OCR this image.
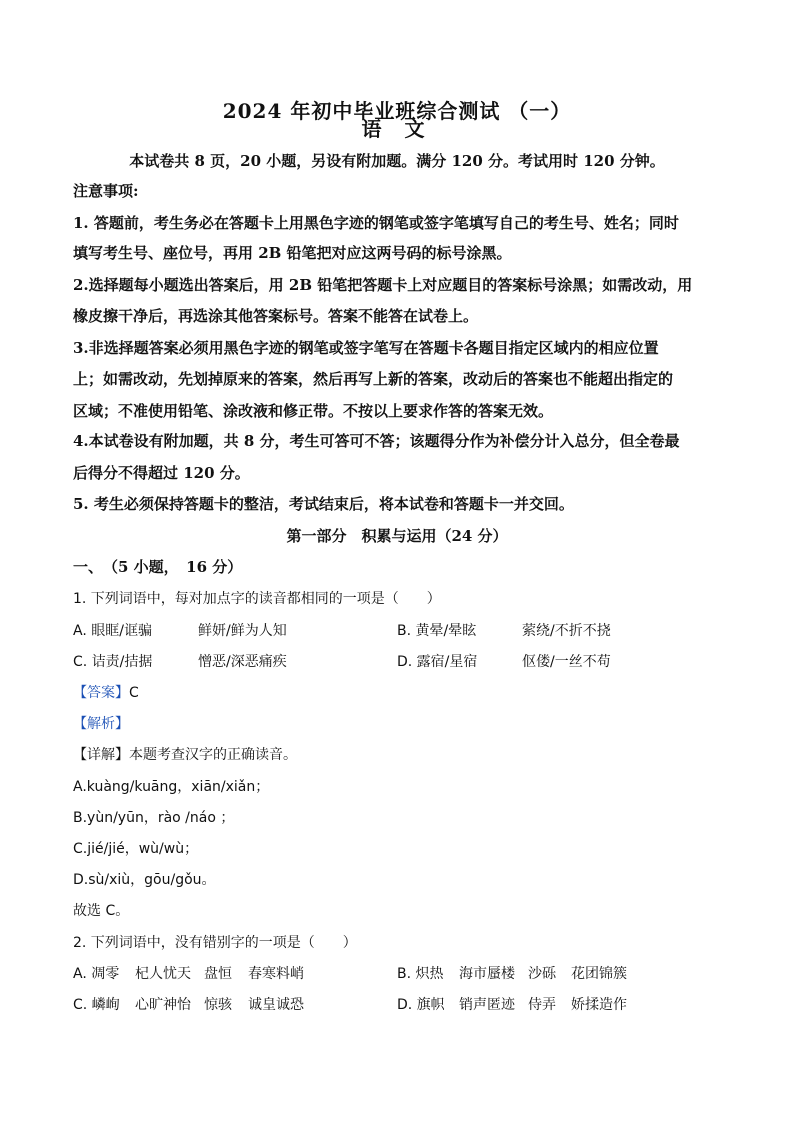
2024 年初中毕业班综合测试 （一）
语 文
本试卷共 8 页，20 小题，另设有附加题。满分 120 分。考试用时 120 分钟。
注意事项:
1. 答题前，考生务必在答题卡上用黑色字迹的钢笔或签字笔填写自己的考生号、姓名；同时
填写考生号、座位号，再用 2B 铅笔把对应这两号码的标号涂黑。
2.选择题每小题选出答案后，用 2B 铅笔把答题卡上对应题目的答案标号涂黑；如需改动，用
橡皮擦干净后，再选涂其他答案标号。答案不能答在试卷上。
3.非选择题答案必须用黑色字迹的钢笔或签字笔写在答题卡各题目指定区域内的相应位置
上；如需改动，先划掉原来的答案，然后再写上新的答案，改动后的答案也不能超出指定的
区域；不准使用铅笔、涂改液和修正带。不按以上要求作答的答案无效。
4.本试卷设有附加题，共 8 分，考生可答可不答；该题得分作为补偿分计入总分，但全卷最
后得分不得超过 120 分。
5. 考生必须保持答题卡的整洁，考试结束后，将本试卷和答题卡一并交回。
第一部分　积累与运用（24 分）
一、　（5 小题，　16 分）
1. 下列词语中，每对加点字的读音都相同的一项是（　　）
A. 眼眶/诓骗	鲜妍/鲜为人知	B. 黄晕/晕眩	萦绕/不折不挠
C. 诘责/拮据	憎恶/深恶痛疾	D. 露宿/星宿	伛偻/一丝不苟
【答案】C
【解析】
【详解】本题考查汉字的正确读音。
A.kuàng/kuāng，xiān/xiǎn；
B.yùn/yūn，rào /náo ；
C.jié/jié，wù/wù；
D.sù/xiù，gōu/gǒu。
故选 C。
2. 下列词语中，没有错别字的一项是（　　）
A. 凋零 杞人忧天 盘恒 春寒料峭	B. 炽热 海市蜃楼 沙砾 花团锦簇
C. 嶙峋 心旷神怡 惊骇 诚皇诚恐	D. 旗帜 销声匿迹 侍弄 娇揉造作
